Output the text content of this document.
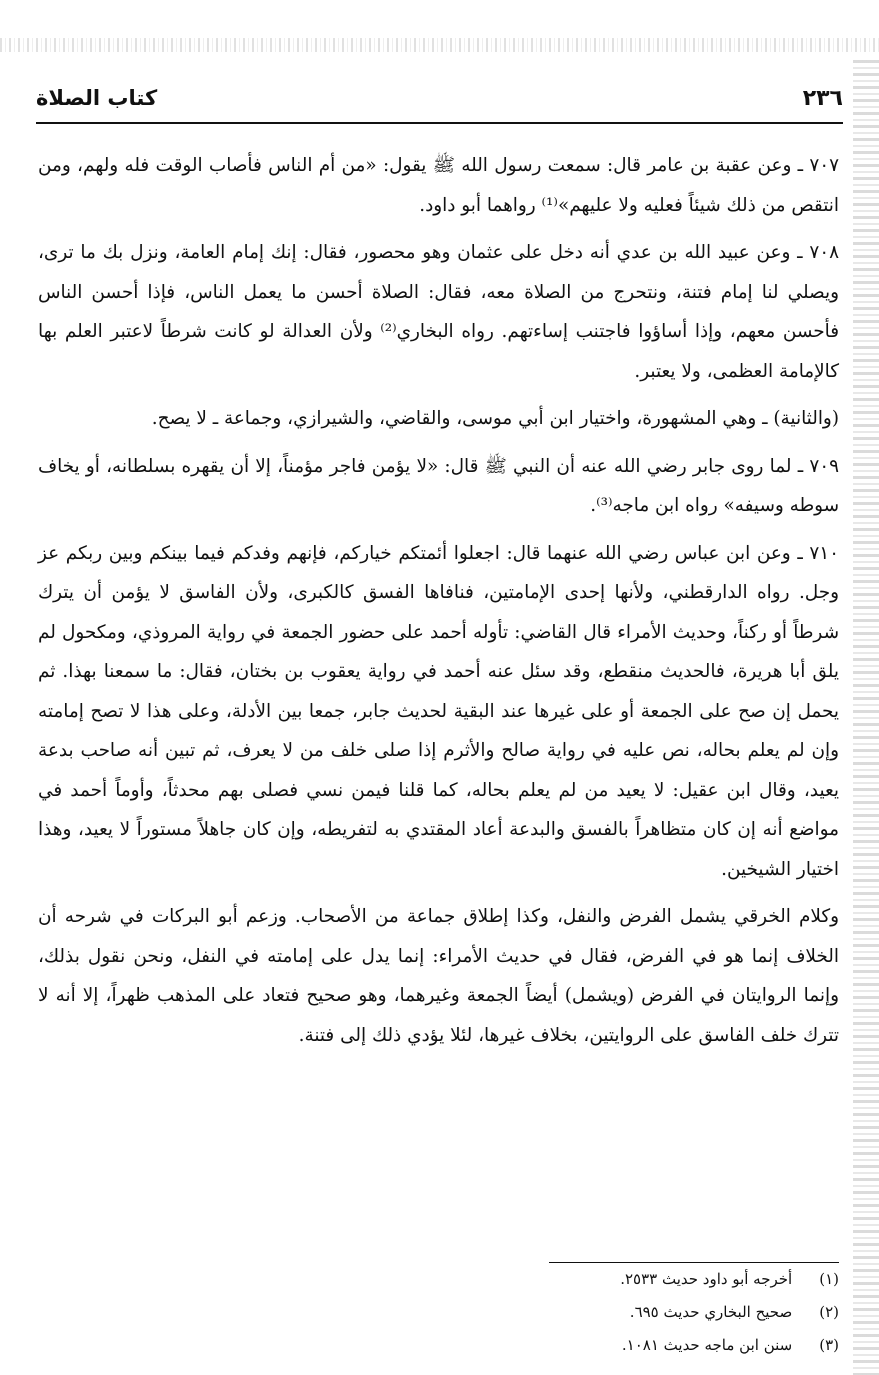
٢٣٦
كتاب الصلاة

٧٠٧ ـ وعن عقبة بن عامر قال: سمعت رسول الله ﷺ يقول: «من أم الناس فأصاب الوقت فله ولهم، ومن انتقص من ذلك شيئاً فعليه ولا عليهم»⁽¹⁾ رواهما أبو داود.

٧٠٨ ـ وعن عبيد الله بن عدي أنه دخل على عثمان وهو محصور، فقال: إنك إمام العامة، ونزل بك ما ترى، ويصلي لنا إمام فتنة، ونتحرج من الصلاة معه، فقال: الصلاة أحسن ما يعمل الناس، فإذا أحسن الناس فأحسن معهم، وإذا أساؤوا فاجتنب إساءتهم. رواه البخاري⁽²⁾ ولأن العدالة لو كانت شرطاً لاعتبر العلم بها كالإمامة العظمى، ولا يعتبر.

(والثانية) ـ وهي المشهورة، واختيار ابن أبي موسى، والقاضي، والشيرازي، وجماعة ـ لا يصح.

٧٠٩ ـ لما روى جابر رضي الله عنه أن النبي ﷺ قال: «لا يؤمن فاجر مؤمناً، إلا أن يقهره بسلطانه، أو يخاف سوطه وسيفه» رواه ابن ماجه⁽³⁾.

٧١٠ ـ وعن ابن عباس رضي الله عنهما قال: اجعلوا أئمتكم خياركم، فإنهم وفدكم فيما بينكم وبين ربكم عز وجل. رواه الدارقطني، ولأنها إحدى الإمامتين، فنافاها الفسق كالكبرى، ولأن الفاسق لا يؤمن أن يترك شرطاً أو ركناً، وحديث الأمراء قال القاضي: تأوله أحمد على حضور الجمعة في رواية المروذي، ومكحول لم يلق أبا هريرة، فالحديث منقطع، وقد سئل عنه أحمد في رواية يعقوب بن بختان، فقال: ما سمعنا بهذا. ثم يحمل إن صح على الجمعة أو على غيرها عند البقية لحديث جابر، جمعا بين الأدلة، وعلى هذا لا تصح إمامته وإن لم يعلم بحاله، نص عليه في رواية صالح والأثرم إذا صلى خلف من لا يعرف، ثم تبين أنه صاحب بدعة يعيد، وقال ابن عقيل: لا يعيد من لم يعلم بحاله، كما قلنا فيمن نسي فصلى بهم محدثاً، وأوماً أحمد في مواضع أنه إن كان متظاهراً بالفسق والبدعة أعاد المقتدي به لتفريطه، وإن كان جاهلاً مستوراً لا يعيد، وهذا اختيار الشيخين.

وكلام الخرقي يشمل الفرض والنفل، وكذا إطلاق جماعة من الأصحاب. وزعم أبو البركات في شرحه أن الخلاف إنما هو في الفرض، فقال في حديث الأمراء: إنما يدل على إمامته في النفل، ونحن نقول بذلك، وإنما الروايتان في الفرض (ويشمل) أيضاً الجمعة وغيرهما، وهو صحيح فتعاد على المذهب ظهراً، إلا أنه لا تترك خلف الفاسق على الروايتين، بخلاف غيرها، لئلا يؤدي ذلك إلى فتنة.

(١) أخرجه أبو داود حديث ٢٥٣٣.

(٢) صحيح البخاري حديث ٦٩٥.

(٣) سنن ابن ماجه حديث ١٠٨١.
